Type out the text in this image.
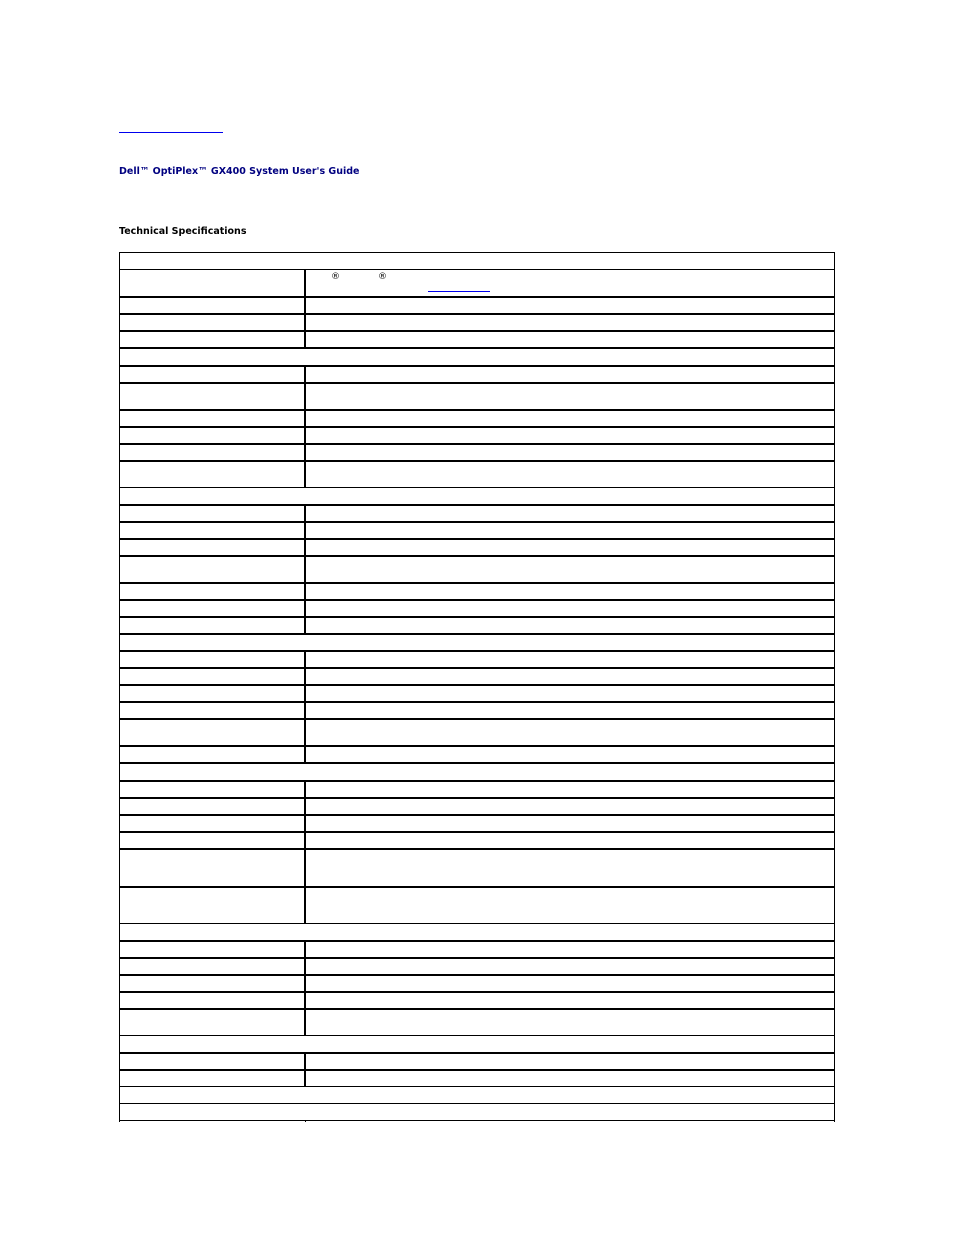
Dell™ OptiPlex™ GX400 System User's Guide
Technical Specifications
®	®
